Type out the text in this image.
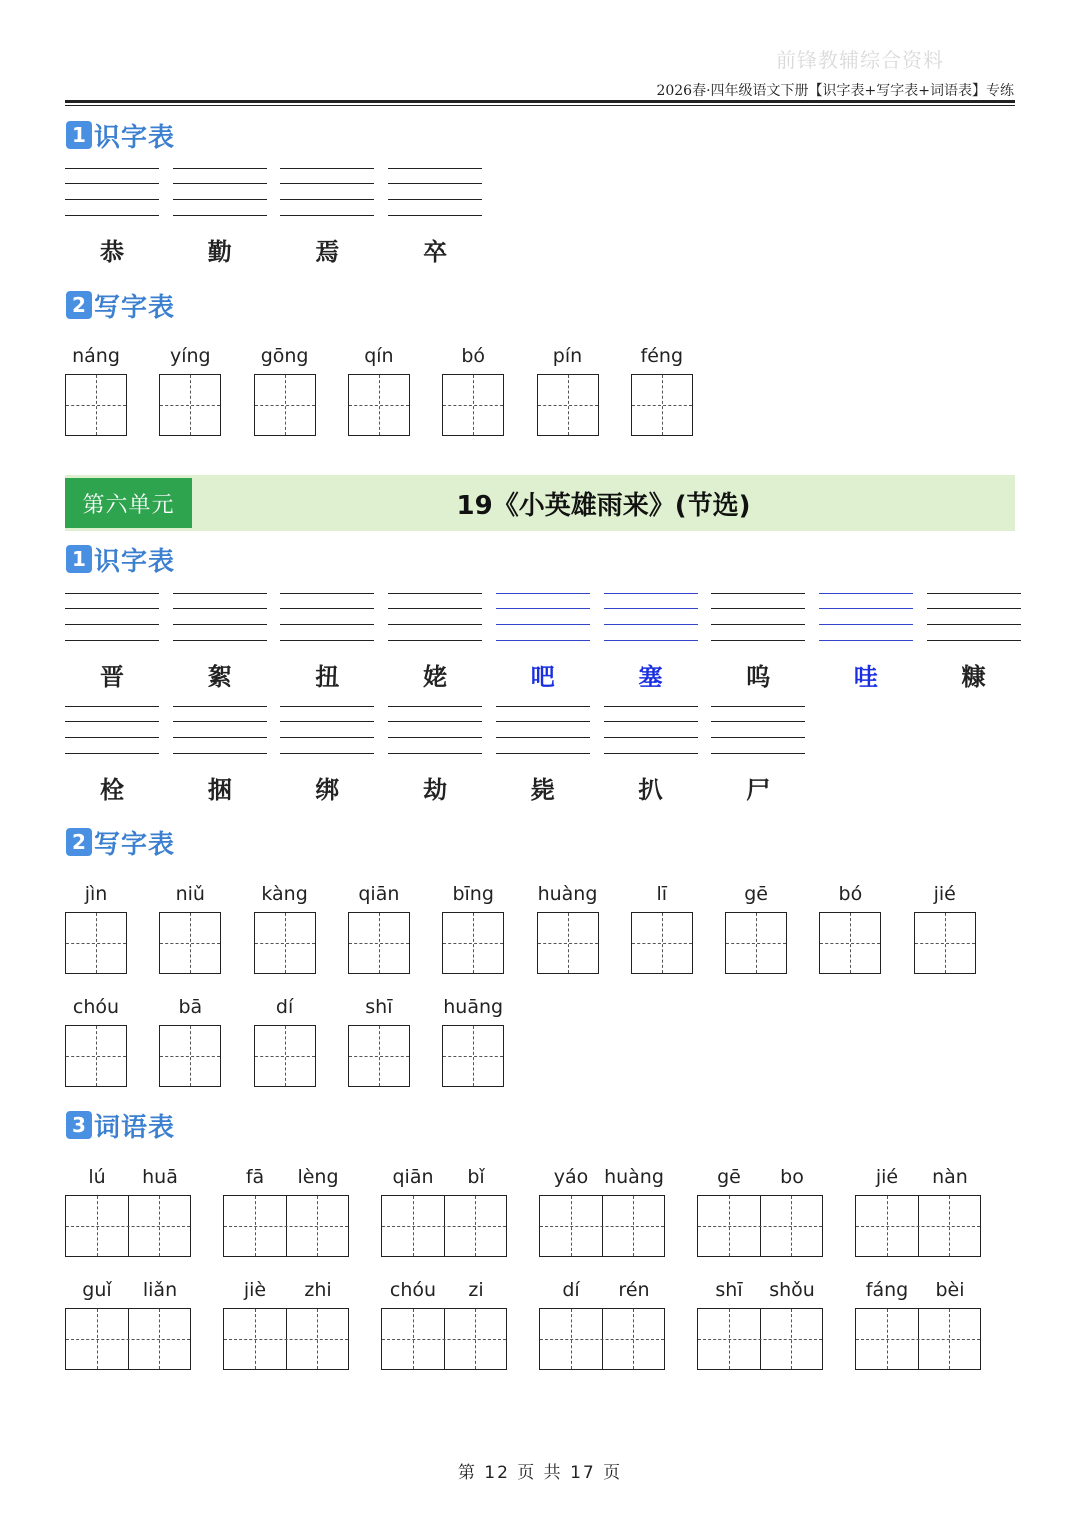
前锋教辅综合资料
2026春·四年级语文下册【识字表+写字表+词语表】专练
1 识字表
恭	勤	焉	卒
2 写字表
náng	yíng	gōng	qín	bó	pín	féng
第六单元	19《小英雄雨来》(节选)
1 识字表
晋	絮	扭	姥	吧	塞	呜	哇	糠
栓	捆	绑	劫	毙	扒	尸
2 写字表
jìn	niǔ	kàng	qiān	bīng	huàng	lī	gē	bó	jié
chóu	bā	dí	shī	huāng
3 词语表
lú	huā	fā	lèng	qiān	bǐ	yáo huàng	gē	bo	jié	nàn
guǐ	liǎn	jiè	zhi	chóu	zi	dí	rén	shī	shǒu	fáng	bèi
第 12 页 共 17 页
